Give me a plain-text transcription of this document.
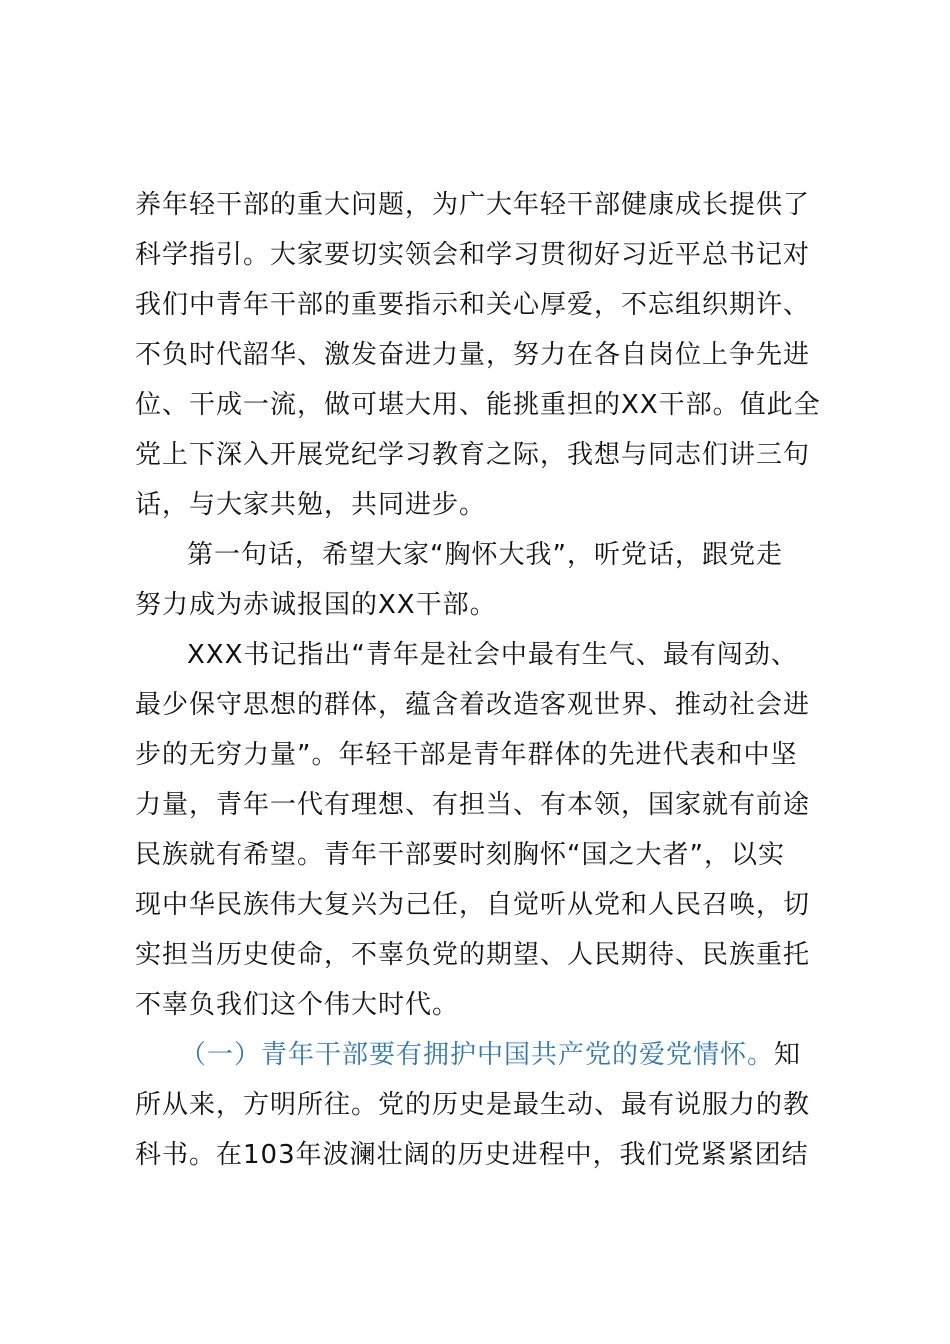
养年轻干部的重大问题，为广大年轻干部健康成长提供了
科学指引。大家要切实领会和学习贯彻好习近平总书记对
我们中青年干部的重要指示和关心厚爱，不忘组织期许、
不负时代韶华、激发奋进力量，努力在各自岗位上争先进
位、干成一流，做可堪大用、能挑重担的XX干部。值此全
党上下深入开展党纪学习教育之际，我想与同志们讲三句
话，与大家共勉，共同进步。
第一句话，希望大家“胸怀大我”，听党话，跟党走
努力成为赤诚报国的XX干部。
XXX书记指出“青年是社会中最有生气、最有闯劲、
最少保守思想的群体，蕴含着改造客观世界、推动社会进
步的无穷力量”。年轻干部是青年群体的先进代表和中坚
力量，青年一代有理想、有担当、有本领，国家就有前途
民族就有希望。青年干部要时刻胸怀“国之大者”，以实
现中华民族伟大复兴为己任，自觉听从党和人民召唤，切
实担当历史使命，不辜负党的期望、人民期待、民族重托
不辜负我们这个伟大时代。
（一）青年干部要有拥护中国共产党的爱党情怀。知
所从来，方明所往。党的历史是最生动、最有说服力的教
科书。在103年波澜壮阔的历史进程中，我们党紧紧团结
